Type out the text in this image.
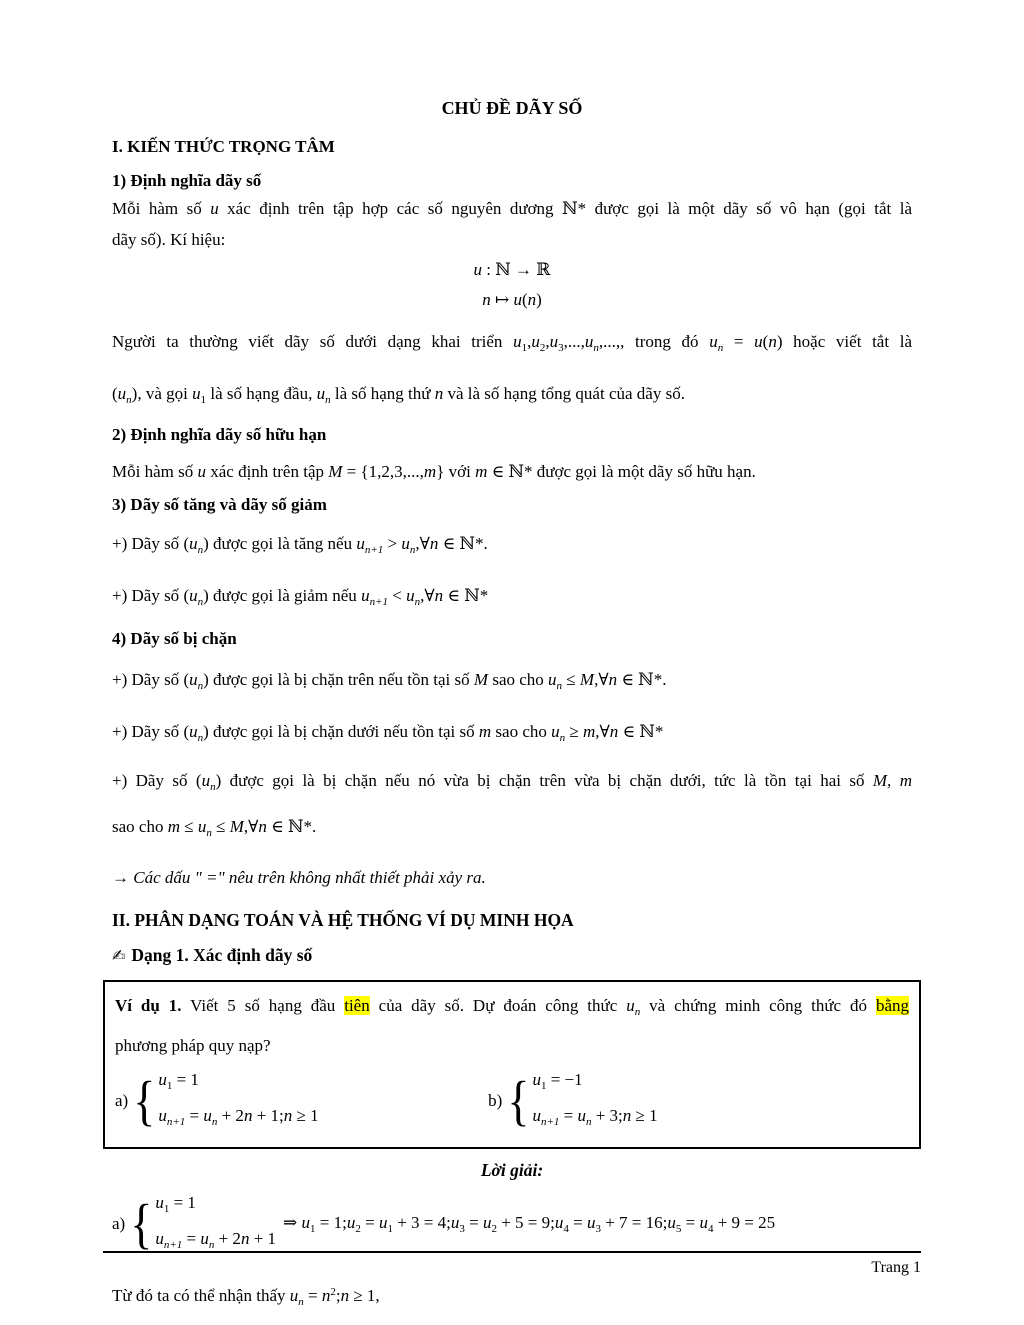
CHỦ ĐỀ DÃY SỐ
I. KIẾN THỨC TRỌNG TÂM
1) Định nghĩa dãy số
Mỗi hàm số u xác định trên tập hợp các số nguyên dương ℕ* được gọi là một dãy số vô hạn (gọi tắt là
dãy số). Kí hiệu:
u : ℕ → ℝ
n ↦ u(n)
Người ta thường viết dãy số dưới dạng khai triển $u_1,u_2,u_3,...,u_n$,...,, trong đó $u_n = u(n)$ hoặc viết tắt là
$(u_n)$, và gọi $u_1$ là số hạng đầu, $u_n$ là số hạng thứ n và là số hạng tổng quát của dãy số.
2) Định nghĩa dãy số hữu hạn
Mỗi hàm số u xác định trên tập M = {1,2,3,...,m} với m ∈ ℕ* được gọi là một dãy số hữu hạn.
3) Dãy số tăng và dãy số giảm
+) Dãy số $(u_n)$ được gọi là tăng nếu $u_{n+1}$ > $u_n,\forall n$ ∈ ℕ*.
+) Dãy số $(u_n)$ được gọi là giảm nếu $u_{n+1}$ < $u_n,\forall n$ ∈ ℕ*
4) Dãy số bị chặn
+) Dãy số $(u_n)$ được gọi là bị chặn trên nếu tồn tại số M sao cho $u_n$ ≤ M,∀n ∈ ℕ*.
+) Dãy số $(u_n)$ được gọi là bị chặn dưới nếu tồn tại số m sao cho $u_n$ ≥ m,∀n ∈ ℕ*
+) Dãy số $(u_n)$ được gọi là bị chặn nếu nó vừa bị chặn trên vừa bị chặn dưới, tức là tồn tại hai số M, m
sao cho $m \le u_n$ ≤ M,∀n ∈ ℕ*.
→ Các dấu " =" nêu trên không nhất thiết phải xảy ra.
II. PHÂN DẠNG TOÁN VÀ HỆ THỐNG VÍ DỤ MINH HỌA
✍ Dạng 1. Xác định dãy số
Ví dụ 1. Viết 5 số hạng đầu tiên của dãy số. Dự đoán công thức $u_n$ và chứng minh công thức đó bằng
phương pháp quy nạp?
a) { $u_1 = 1$
$u_{n+1} = u_n + 2n$ + 1;n ≥ 1
b) { $u_1 = -1$
$u_{n+1} = u_n$ + 3;n ≥ 1
Lời giải:
a) { $u_1 = 1$
$u_{n+1} = u_n + 2n + 1$
⇒ $u_1$ = $1;u_2 = u_1 + 3$ = $4;u_3 = u_2 + 5$ = $9;u_4 = u_3 + 7$ = $16;u_5 = u_4 + 9 = 25$
Từ đó ta có thể nhận thấy $u_n$ = $n^2;n \ge 1$,
Trang 1
